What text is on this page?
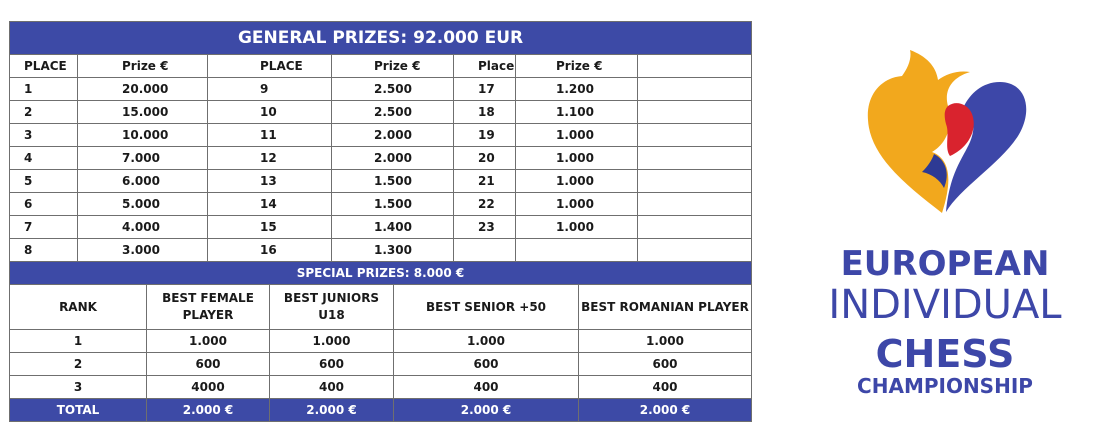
GENERAL PRIZES: 92.000 EUR						
PLACE	Prize €	PLACE	Prize €	Place	Prize €	
1	20.000	9	2.500	17	1.200	
2	15.000	10	2.500	18	1.100	
3	10.000	11	2.000	19	1.000	
4	7.000	12	2.000	20	1.000	
5	6.000	13	1.500	21	1.000	
6	5.000	14	1.500	22	1.000	
7	4.000	15	1.400	23	1.000	
8	3.000	16	1.300			
SPECIAL PRIZES: 8.000 €				
RANK	BEST FEMALE PLAYER	BEST JUNIORS U18	BEST SENIOR +50	BEST ROMANIAN PLAYER
1	1.000	1.000	1.000	1.000
2	600	600	600	600
3	4000	400	400	400
TOTAL	2.000 €	2.000 €	2.000 €	2.000 €
EUROPEAN
INDIVIDUAL
CHESS
CHAMPIONSHIP
